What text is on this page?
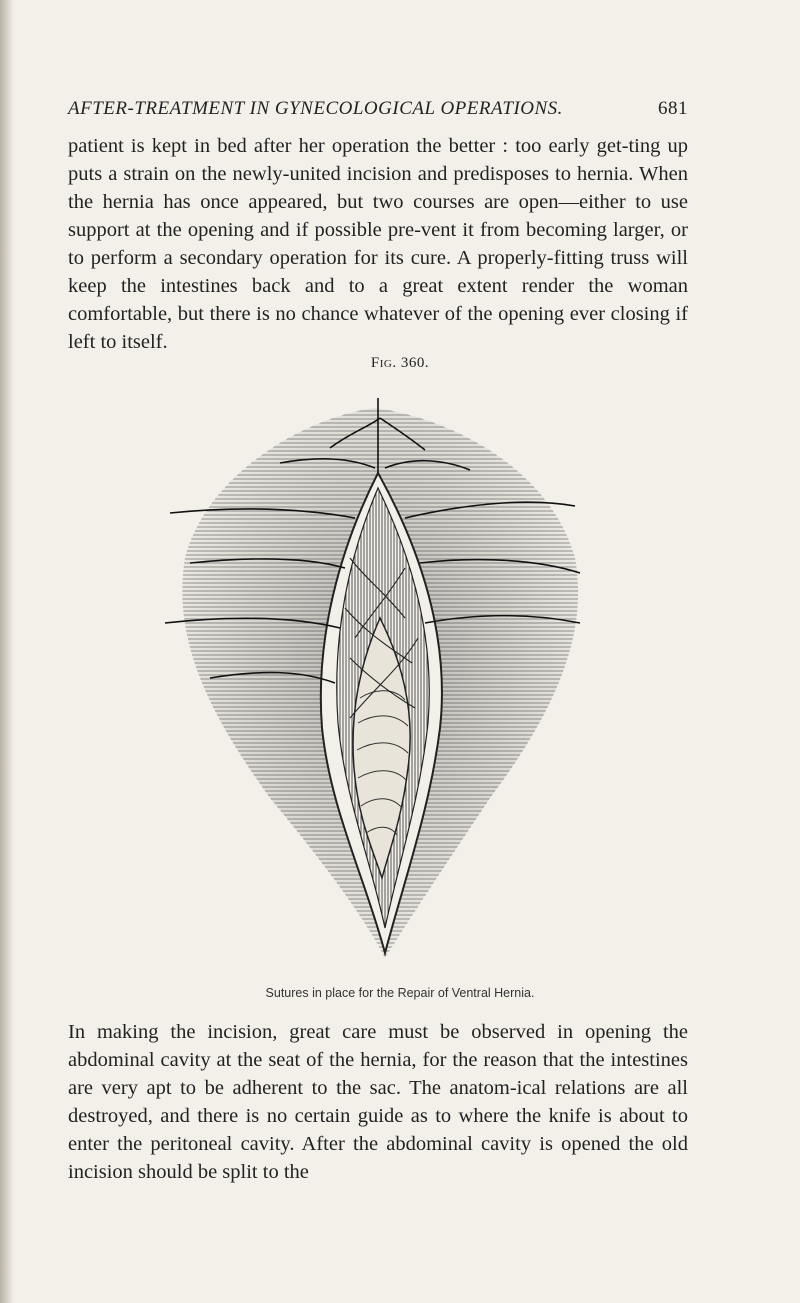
AFTER-TREATMENT IN GYNECOLOGICAL OPERATIONS.	681
patient is kept in bed after her operation the better : too early get-ting up puts a strain on the newly-united incision and predisposes to hernia. When the hernia has once appeared, but two courses are open—either to use support at the opening and if possible pre-vent it from becoming larger, or to perform a secondary operation for its cure. A properly-fitting truss will keep the intestines back and to a great extent render the woman comfortable, but there is no chance whatever of the opening ever closing if left to itself.
Fig. 360.
Sutures in place for the Repair of Ventral Hernia.
In making the incision, great care must be observed in opening the abdominal cavity at the seat of the hernia, for the reason that the intestines are very apt to be adherent to the sac. The anatom-ical relations are all destroyed, and there is no certain guide as to where the knife is about to enter the peritoneal cavity. After the abdominal cavity is opened the old incision should be split to the
